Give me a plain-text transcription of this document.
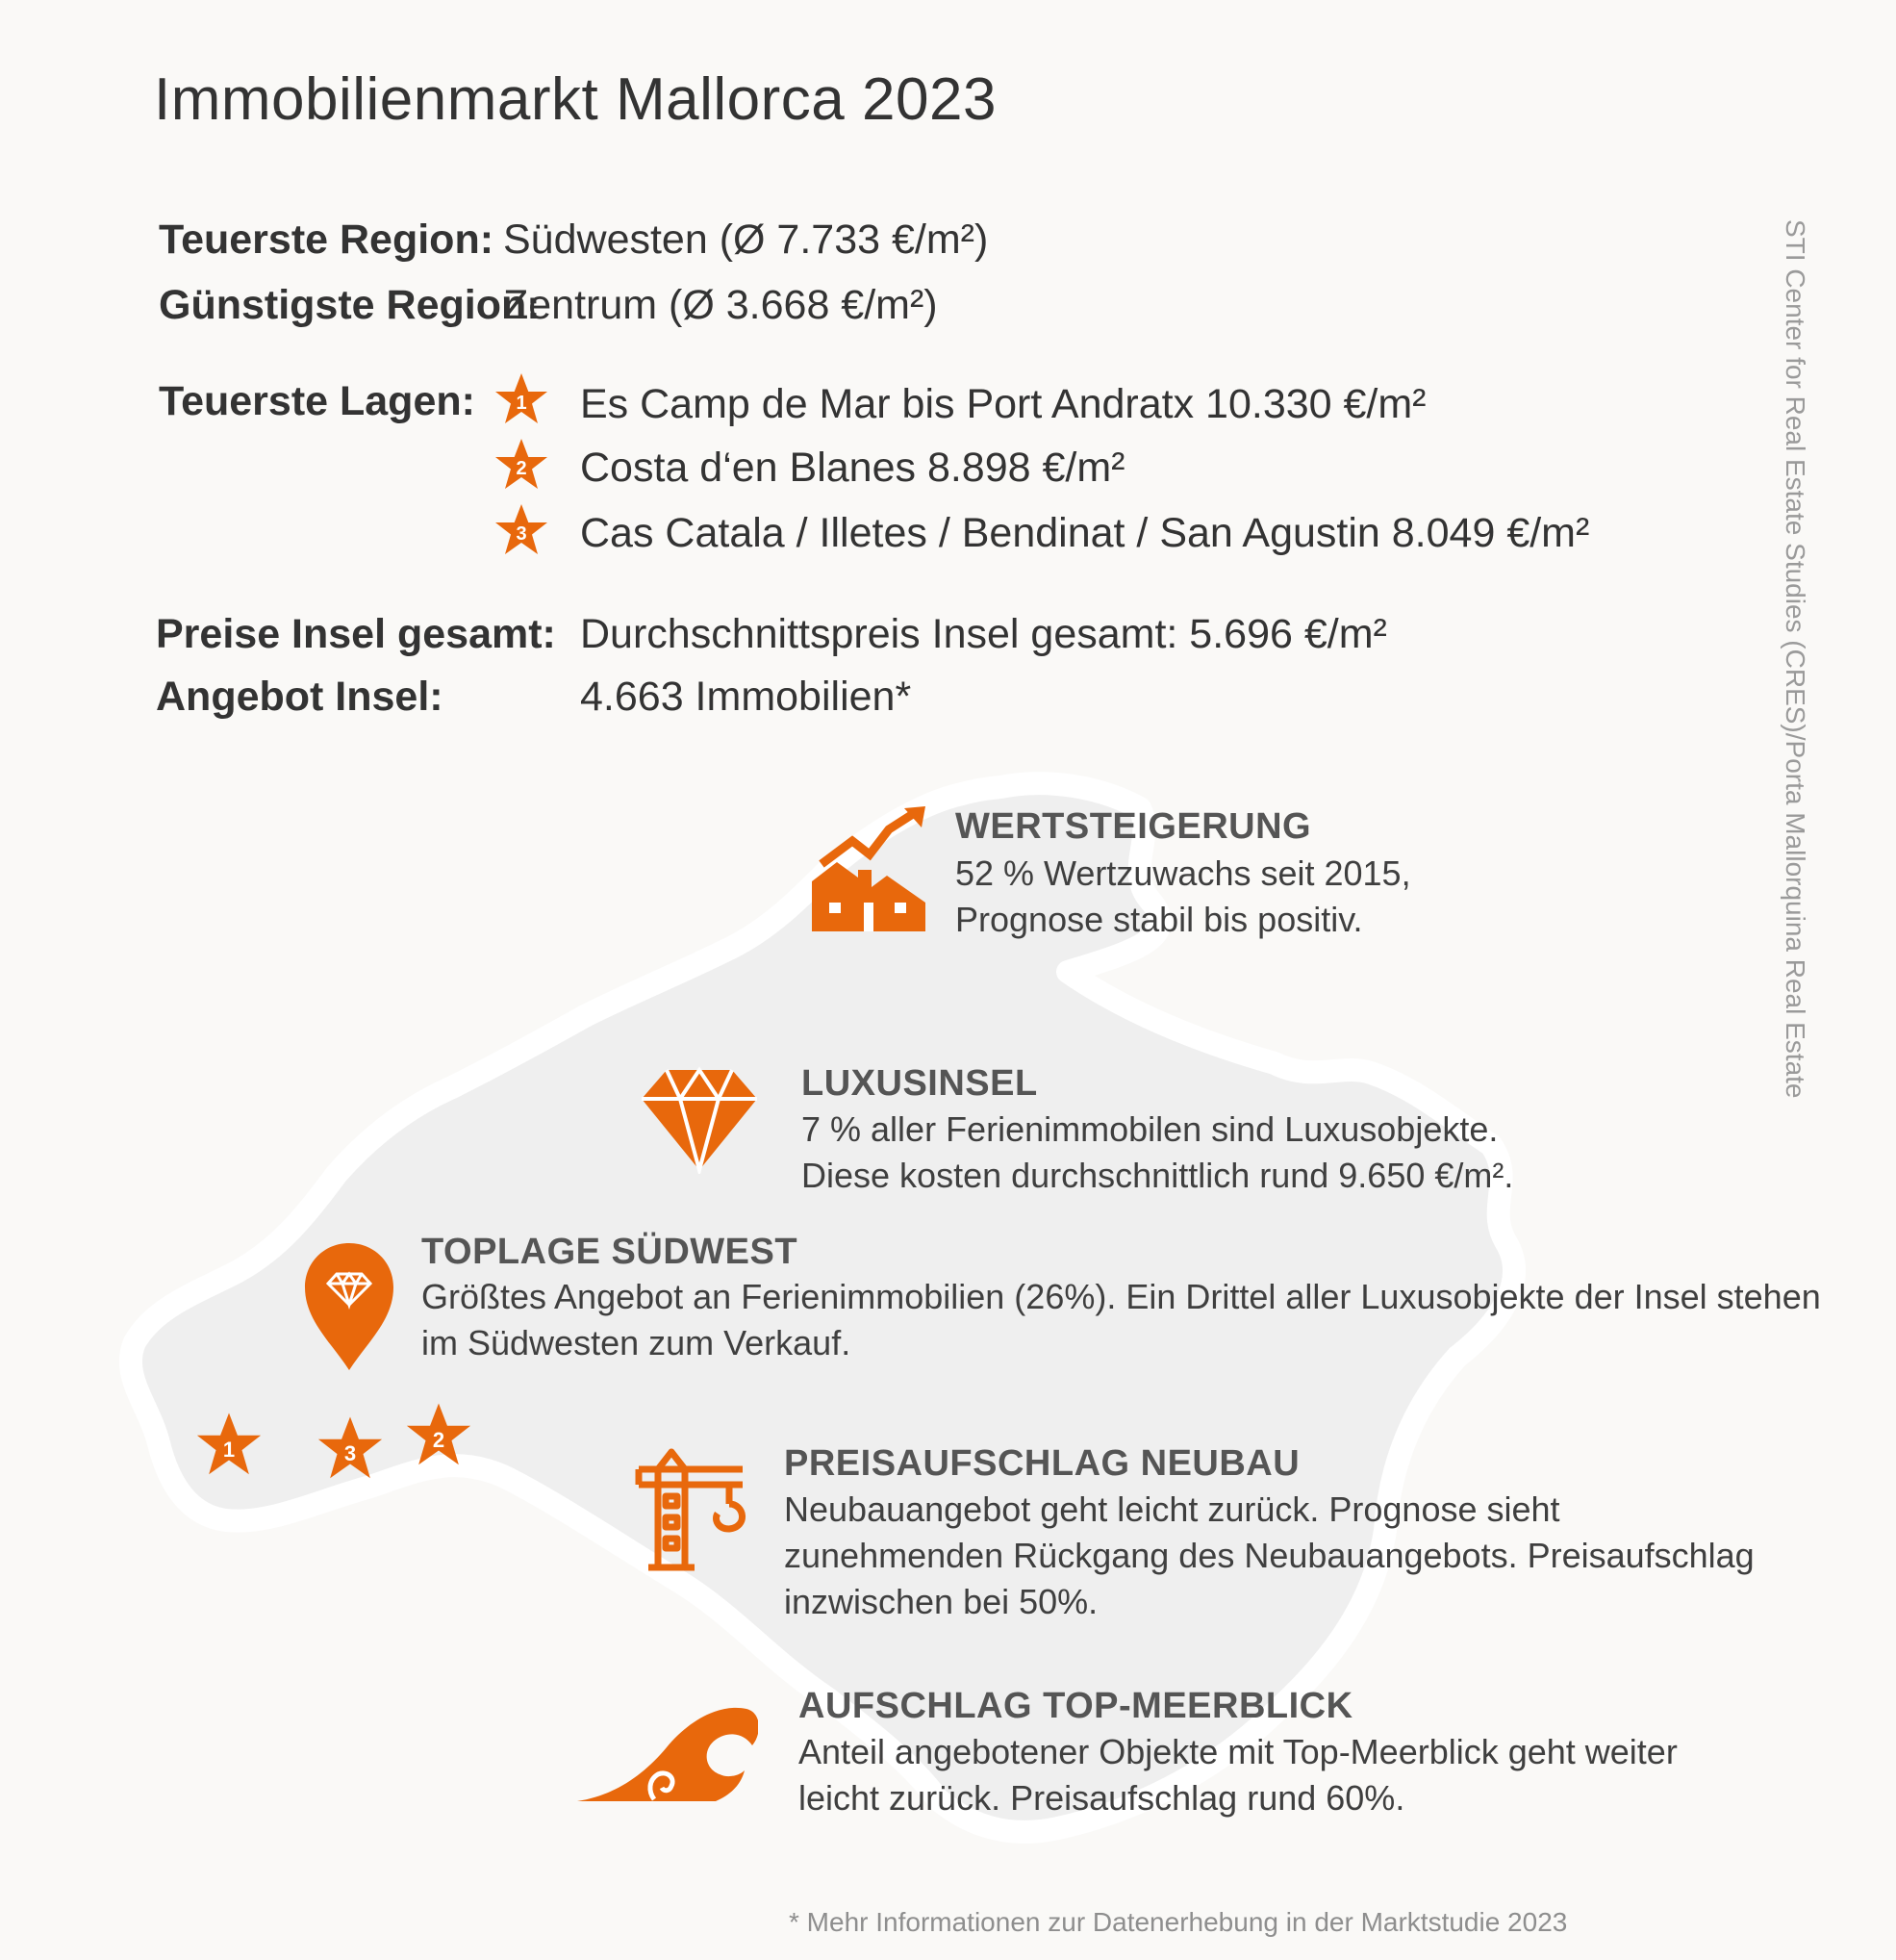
Immobilienmarkt Mallorca 2023
STI Center for Real Estate Studies (CRES)/Porta Mallorquina Real Estate
Teuerste Region: Südwesten (Ø 7.733 €/m²)
Günstigste Region:
Zentrum (Ø 3.668 €/m²)
Teuerste Lagen: 1 Es Camp de Mar bis Port Andratx 10.330 €/m²
2 Costa d‘en Blanes 8.898 €/m²
3 Cas Catala / Illetes / Bendinat / San Agustin 8.049 €/m²
Preise Insel gesamt: Durchschnittspreis Insel gesamt: 5.696 €/m²
Angebot Insel:	4.663 Immobilien*
WERTSTEIGERUNG
52 % Wertzuwachs seit 2015,
Prognose stabil bis positiv.
LUXUSINSEL
7 % aller Ferienimmobilen sind Luxusobjekte.
Diese kosten durchschnittlich rund 9.650 €/m².
TOPLAGE SÜDWEST
Größtes Angebot an Ferienimmobilien (26%). Ein Drittel aller Luxusobjekte der Insel stehen
im Südwesten zum Verkauf.
1	3
2
PREISAUFSCHLAG NEUBAU
Neubauangebot geht leicht zurück. Prognose sieht
zunehmenden Rückgang des Neubauangebots. Preisaufschlag
inzwischen bei 50%.
AUFSCHLAG TOP-MEERBLICK
Anteil angebotener Objekte mit Top-Meerblick geht weiter
leicht zurück. Preisaufschlag rund 60%.
* Mehr Informationen zur Datenerhebung in der Marktstudie 2023
